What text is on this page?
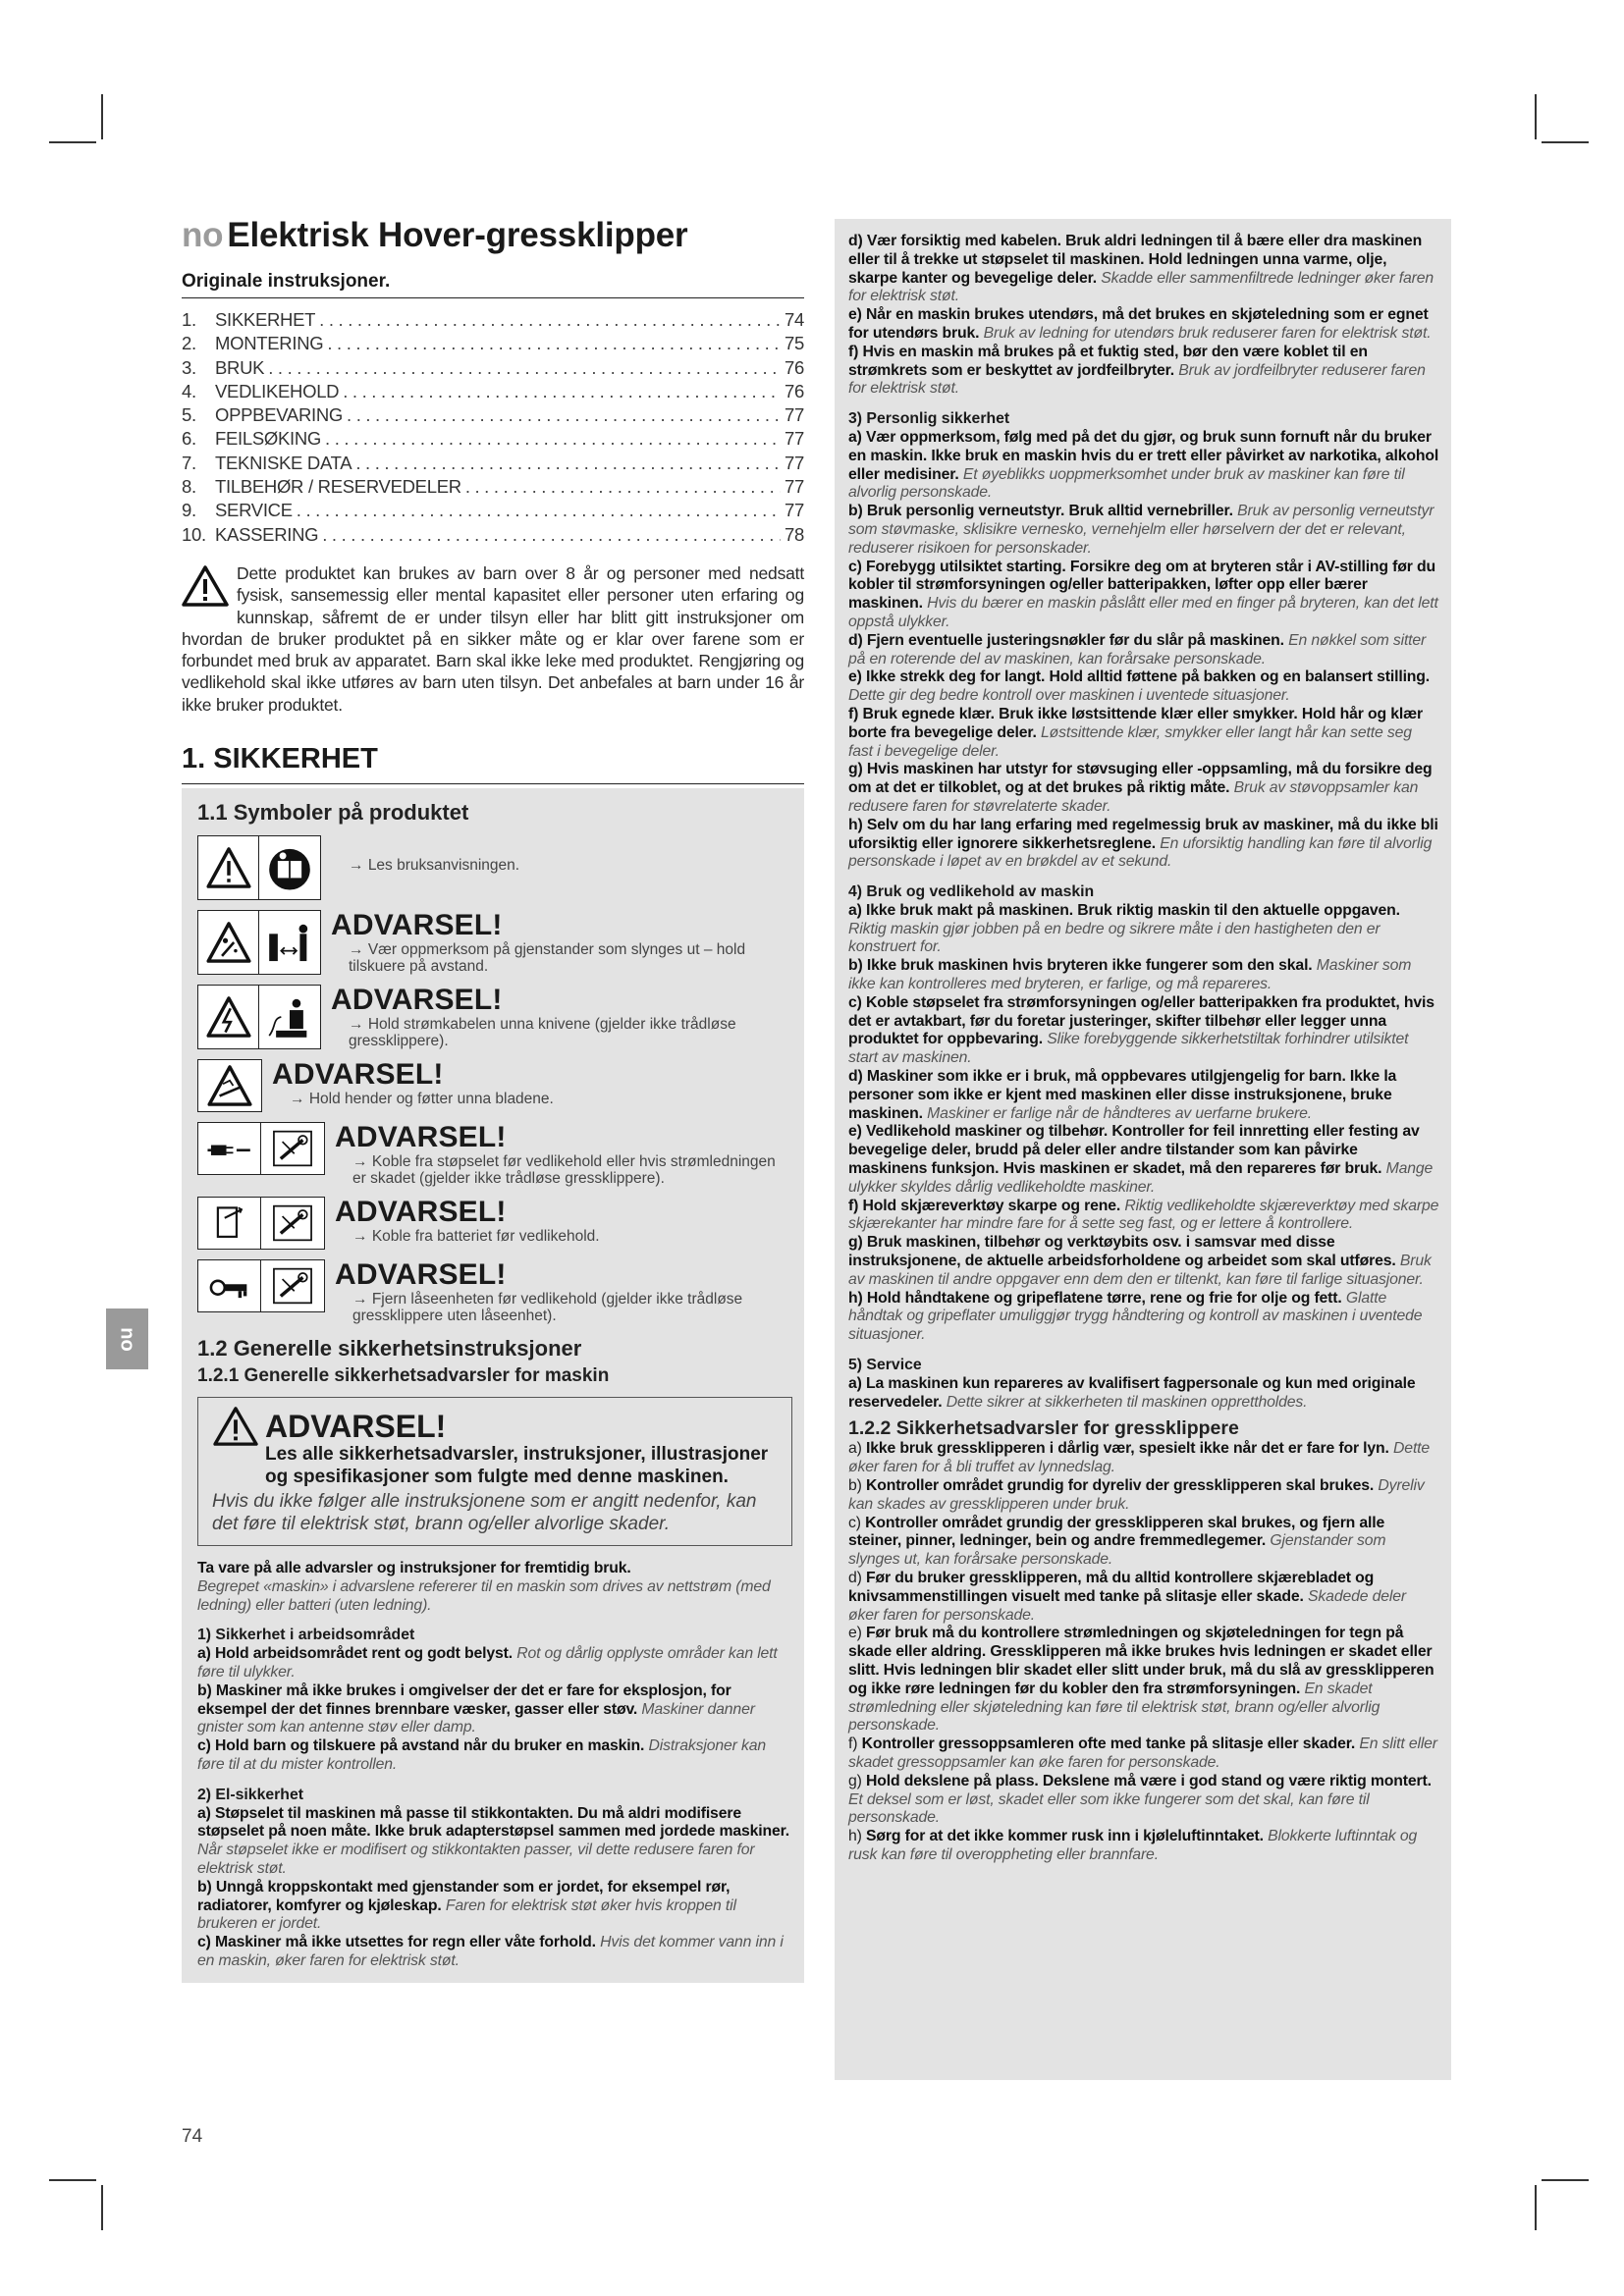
no
no Elektrisk Hover-gressklipper
Originale instruksjoner.
1.	SIKKERHET . . .	74
2.	MONTERING . . .	75
3.	BRUK . . .	76
4.	VEDLIKEHOLD . . .	76
5.	OPPBEVARING . . .	77
6.	FEILSØKING . . .	77
7.	TEKNISKE DATA . . .	77
8.	TILBEHØR / RESERVEDELER . . .	77
9.	SERVICE . . .	77
10. KASSERING . . .	78
Dette produktet kan brukes av barn over 8 år og personer med nedsatt fysisk, sansemessig eller mental kapasitet eller personer uten erfaring og kunnskap, såfremt de er under tilsyn eller har blitt gitt instruksjoner om hvordan de bruker produktet på en sikker måte og er klar over farene som er forbundet med bruk av apparatet. Barn skal ikke leke med produktet. Rengjøring og vedlikehold skal ikke utføres av barn uten tilsyn. Det anbefales at barn under 16 år ikke bruker produktet.
1. SIKKERHET
1.1 Symboler på produktet
→ Les bruksanvisningen.
ADVARSEL!
→ Vær oppmerksom på gjenstander som slynges ut – hold tilskuere på avstand.
ADVARSEL!
→ Hold strømkabelen unna knivene (gjelder ikke trådløse gressklippere).
ADVARSEL!
→ Hold hender og føtter unna bladene.
ADVARSEL!
→ Koble fra støpselet før vedlikehold eller hvis strømledningen er skadet (gjelder ikke trådløse gressklippere).
ADVARSEL!
→ Koble fra batteriet før vedlikehold.
ADVARSEL!
→ Fjern låseenheten før vedlikehold (gjelder ikke trådløse gressklippere uten låseenhet).
1.2 Generelle sikkerhetsinstruksjoner
1.2.1 Generelle sikkerhetsadvarsler for maskin
ADVARSEL!
Les alle sikkerhetsadvarsler, instruksjoner, illustrasjoner og spesifikasjoner som fulgte med denne maskinen.
Hvis du ikke følger alle instruksjonene som er angitt nedenfor, kan det føre til elektrisk støt, brann og/eller alvorlige skader.
Ta vare på alle advarsler og instruksjoner for fremtidig bruk.
Begrepet «maskin» i advarslene refererer til en maskin som drives av nettstrøm (med ledning) eller batteri (uten ledning).
1) Sikkerhet i arbeidsområdet
a) Hold arbeidsområdet rent og godt belyst. Rot og dårlig opplyste områder kan lett føre til ulykker.
b) Maskiner må ikke brukes i omgivelser der det er fare for eksplosjon, for eksempel der det finnes brennbare væsker, gasser eller støv. Maskiner danner gnister som kan antenne støv eller damp.
c) Hold barn og tilskuere på avstand når du bruker en maskin. Distraksjoner kan føre til at du mister kontrollen.
2) El-sikkerhet
a) Støpselet til maskinen må passe til stikkontakten. Du må aldri modifisere støpselet på noen måte. Ikke bruk adapterstøpsel sammen med jordede maskiner. Når støpselet ikke er modifisert og stikkontakten passer, vil dette redusere faren for elektrisk støt.
b) Unngå kroppskontakt med gjenstander som er jordet, for eksempel rør, radiatorer, komfyrer og kjøleskap. Faren for elektrisk støt øker hvis kroppen til brukeren er jordet.
c) Maskiner må ikke utsettes for regn eller våte forhold. Hvis det kommer vann inn i en maskin, øker faren for elektrisk støt.
d) Vær forsiktig med kabelen. Bruk aldri ledningen til å bære eller dra maskinen eller til å trekke ut støpselet til maskinen. Hold ledningen unna varme, olje, skarpe kanter og bevegelige deler. Skadde eller sammenfiltrede ledninger øker faren for elektrisk støt.
e) Når en maskin brukes utendørs, må det brukes en skjøteledning som er egnet for utendørs bruk. Bruk av ledning for utendørs bruk reduserer faren for elektrisk støt.
f) Hvis en maskin må brukes på et fuktig sted, bør den være koblet til en strømkrets som er beskyttet av jordfeilbryter. Bruk av jordfeilbryter reduserer faren for elektrisk støt.
3) Personlig sikkerhet
a) Vær oppmerksom, følg med på det du gjør, og bruk sunn fornuft når du bruker en maskin. Ikke bruk en maskin hvis du er trett eller påvirket av narkotika, alkohol eller medisiner. Et øyeblikks uoppmerksomhet under bruk av maskiner kan føre til alvorlig personskade.
b) Bruk personlig verneutstyr. Bruk alltid vernebriller. Bruk av personlig verneutstyr som støvmaske, sklisikre vernesko, vernehjelm eller hørselvern der det er relevant, reduserer risikoen for personskader.
c) Forebygg utilsiktet starting. Forsikre deg om at bryteren står i AV-stilling før du kobler til strømforsyningen og/eller batteripakken, løfter opp eller bærer maskinen. Hvis du bærer en maskin påslått eller med en finger på bryteren, kan det lett oppstå ulykker.
d) Fjern eventuelle justeringsnøkler før du slår på maskinen. En nøkkel som sitter på en roterende del av maskinen, kan forårsake personskade.
e) Ikke strekk deg for langt. Hold alltid føttene på bakken og en balansert stilling. Dette gir deg bedre kontroll over maskinen i uventede situasjoner.
f) Bruk egnede klær. Bruk ikke løstsittende klær eller smykker. Hold hår og klær borte fra bevegelige deler. Løstsittende klær, smykker eller langt hår kan sette seg fast i bevegelige deler.
g) Hvis maskinen har utstyr for støvsuging eller -oppsamling, må du forsikre deg om at det er tilkoblet, og at det brukes på riktig måte. Bruk av støvoppsamler kan redusere faren for støvrelaterte skader.
h) Selv om du har lang erfaring med regelmessig bruk av maskiner, må du ikke bli uforsiktig eller ignorere sikkerhetsreglene. En uforsiktig handling kan føre til alvorlig personskade i løpet av en brøkdel av et sekund.
4) Bruk og vedlikehold av maskin
a) Ikke bruk makt på maskinen. Bruk riktig maskin til den aktuelle oppgaven. Riktig maskin gjør jobben på en bedre og sikrere måte i den hastigheten den er konstruert for.
b) Ikke bruk maskinen hvis bryteren ikke fungerer som den skal. Maskiner som ikke kan kontrolleres med bryteren, er farlige, og må repareres.
c) Koble støpselet fra strømforsyningen og/eller batteripakken fra produktet, hvis det er avtakbart, før du foretar justeringer, skifter tilbehør eller legger unna produktet for oppbevaring. Slike forebyggende sikkerhetstiltak forhindrer utilsiktet start av maskinen.
d) Maskiner som ikke er i bruk, må oppbevares utilgjengelig for barn. Ikke la personer som ikke er kjent med maskinen eller disse instruksjonene, bruke maskinen. Maskiner er farlige når de håndteres av uerfarne brukere.
e) Vedlikehold maskiner og tilbehør. Kontroller for feil innretting eller festing av bevegelige deler, brudd på deler eller andre tilstander som kan påvirke maskinens funksjon. Hvis maskinen er skadet, må den repareres før bruk. Mange ulykker skyldes dårlig vedlikeholdte maskiner.
f) Hold skjæreverktøy skarpe og rene. Riktig vedlikeholdte skjæreverktøy med skarpe skjærekanter har mindre fare for å sette seg fast, og er lettere å kontrollere.
g) Bruk maskinen, tilbehør og verktøybits osv. i samsvar med disse instruksjonene, de aktuelle arbeidsforholdene og arbeidet som skal utføres. Bruk av maskinen til andre oppgaver enn dem den er tiltenkt, kan føre til farlige situasjoner.
h) Hold håndtakene og gripeflatene tørre, rene og frie for olje og fett. Glatte håndtak og gripeflater umuliggjør trygg håndtering og kontroll av maskinen i uventede situasjoner.
5) Service
a) La maskinen kun repareres av kvalifisert fagpersonale og kun med originale reservedeler. Dette sikrer at sikkerheten til maskinen opprettholdes.
1.2.2 Sikkerhetsadvarsler for gressklippere
a) Ikke bruk gressklipperen i dårlig vær, spesielt ikke når det er fare for lyn. Dette øker faren for å bli truffet av lynnedslag.
b) Kontroller området grundig for dyreliv der gressklipperen skal brukes. Dyreliv kan skades av gressklipperen under bruk.
c) Kontroller området grundig der gressklipperen skal brukes, og fjern alle steiner, pinner, ledninger, bein og andre fremmedlegemer. Gjenstander som slynges ut, kan forårsake personskade.
d) Før du bruker gressklipperen, må du alltid kontrollere skjærebladet og knivsammenstillingen visuelt med tanke på slitasje eller skade. Skadede deler øker faren for personskade.
e) Før bruk må du kontrollere strømledningen og skjøteledningen for tegn på skade eller aldring. Gressklipperen må ikke brukes hvis ledningen er skadet eller slitt. Hvis ledningen blir skadet eller slitt under bruk, må du slå av gressklipperen og ikke røre ledningen før du kobler den fra strømforsyningen. En skadet strømledning eller skjøteledning kan føre til elektrisk støt, brann og/eller alvorlig personskade.
f) Kontroller gressoppsamleren ofte med tanke på slitasje eller skader. En slitt eller skadet gressoppsamler kan øke faren for personskade.
g) Hold dekslene på plass. Dekslene må være i god stand og være riktig montert. Et deksel som er løst, skadet eller som ikke fungerer som det skal, kan føre til personskade.
h) Sørg for at det ikke kommer rusk inn i kjøleluftinntaket. Blokkerte luftinntak og rusk kan føre til overoppheting eller brannfare.
74
